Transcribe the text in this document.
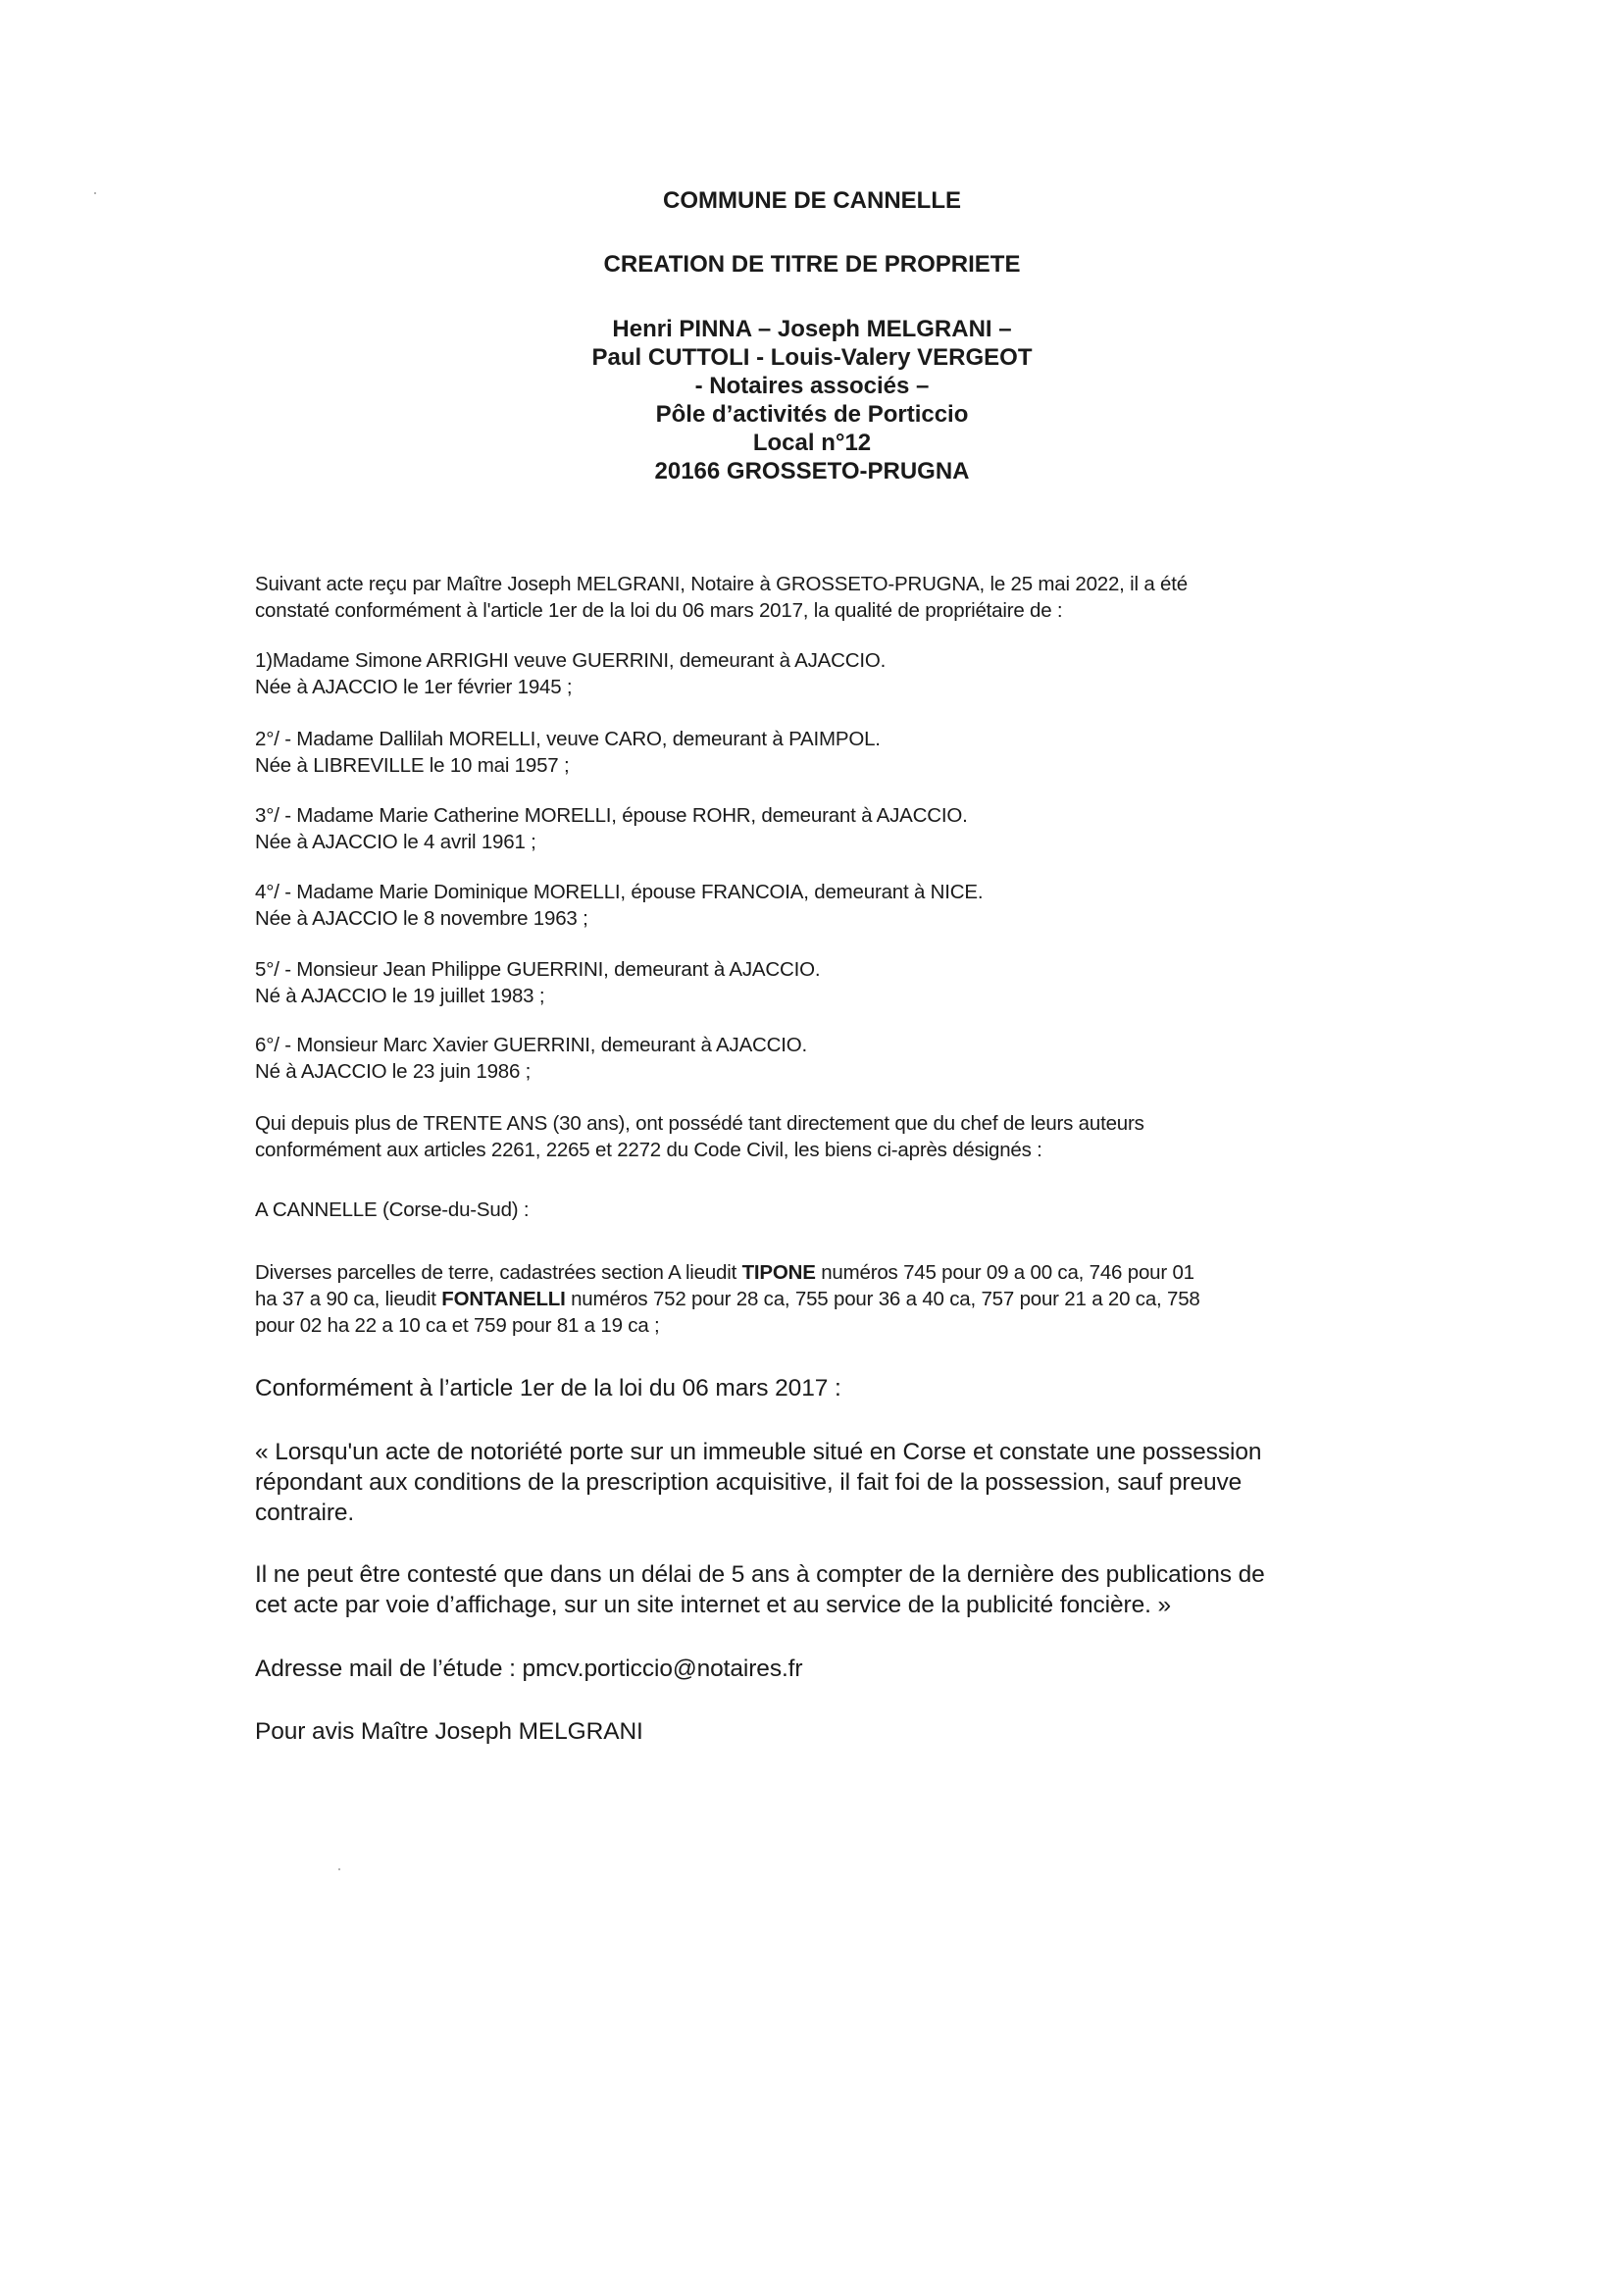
COMMUNE DE CANNELLE
CREATION DE TITRE DE PROPRIETE
Henri PINNA – Joseph MELGRANI –
Paul CUTTOLI - Louis-Valery VERGEOT
- Notaires associés –
Pôle d’activités de Porticcio
Local n°12
20166 GROSSETO-PRUGNA

Suivant acte reçu par Maître Joseph MELGRANI, Notaire à GROSSETO-PRUGNA, le 25 mai 2022, il a été

constaté conformément à l'article 1er de la loi du 06 mars 2017, la qualité de propriétaire de :

1)Madame Simone ARRIGHI veuve GUERRINI, demeurant à AJACCIO.

Née à AJACCIO le 1er février 1945 ;

2°/ - Madame Dallilah MORELLI, veuve CARO, demeurant à PAIMPOL.

Née à LIBREVILLE le 10 mai 1957 ;

3°/ - Madame Marie Catherine MORELLI, épouse ROHR, demeurant à AJACCIO.

Née à AJACCIO le 4 avril 1961 ;

4°/ - Madame Marie Dominique MORELLI, épouse FRANCOIA, demeurant à NICE.

Née à AJACCIO le 8 novembre 1963 ;

5°/ - Monsieur Jean Philippe GUERRINI, demeurant à AJACCIO.

Né à AJACCIO le 19 juillet 1983 ;

6°/ - Monsieur Marc Xavier GUERRINI, demeurant à AJACCIO.

Né à AJACCIO le 23 juin 1986 ;

Qui depuis plus de TRENTE ANS (30 ans), ont possédé tant directement que du chef de leurs auteurs

conformément aux articles 2261, 2265 et 2272 du Code Civil, les biens ci-après désignés :

A CANNELLE (Corse-du-Sud) :

Diverses parcelles de terre, cadastrées section A lieudit TIPONE numéros 745 pour 09 a 00 ca, 746 pour 01

ha 37 a 90 ca, lieudit FONTANELLI numéros 752 pour 28 ca, 755 pour 36 a 40 ca, 757 pour 21 a 20 ca, 758

pour 02 ha 22 a 10 ca et 759 pour 81 a 19 ca ;

Conformément à l’article 1er de la loi du 06 mars 2017 :

« Lorsqu'un acte de notoriété porte sur un immeuble situé en Corse et constate une possession

répondant aux conditions de la prescription acquisitive, il fait foi de la possession, sauf preuve

contraire.

Il ne peut être contesté que dans un délai de 5 ans à compter de la dernière des publications de

cet acte par voie d’affichage, sur un site internet et au service de la publicité foncière. »

Adresse mail de l’étude : pmcv.porticcio@notaires.fr

Pour avis Maître Joseph MELGRANI
